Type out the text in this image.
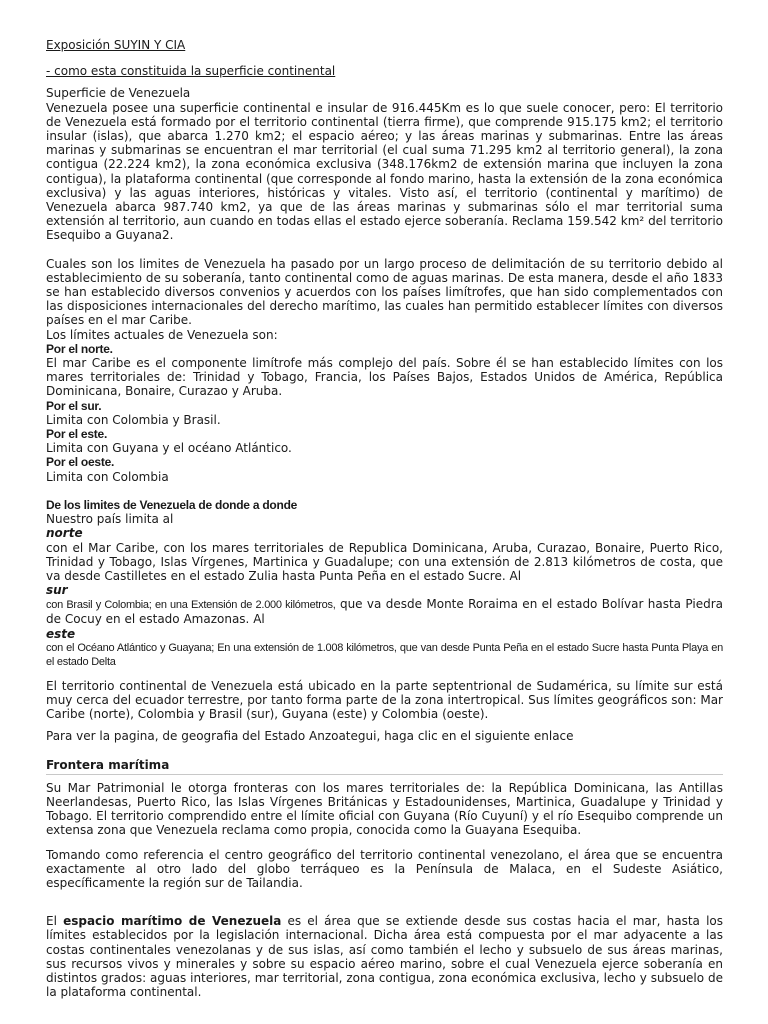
Exposición SUYIN Y CIA

- como esta constituida la superficie continental

Superficie de Venezuela

Venezuela posee una superficie continental e insular de 916.445Km es lo que suele conocer, pero: El territorio de Venezuela está formado por el territorio continental (tierra firme), que comprende 915.175 km2; el territorio insular (islas), que abarca 1.270 km2; el espacio aéreo; y las áreas marinas y submarinas. Entre las áreas marinas y submarinas se encuentran el mar territorial (el cual suma 71.295 km2 al territorio general), la zona contigua (22.224 km2), la zona económica exclusiva (348.176km2 de extensión marina que incluyen la zona contigua), la plataforma continental (que corresponde al fondo marino, hasta la extensión de la zona económica exclusiva) y las aguas interiores, históricas y vitales. Visto así, el territorio (continental y marítimo) de Venezuela abarca 987.740 km2, ya que de las áreas marinas y submarinas sólo el mar territorial suma extensión al territorio, aun cuando en todas ellas el estado ejerce soberanía. Reclama 159.542 km² del territorio Esequibo a Guyana2.

Cuales son los limites de Venezuela ha pasado por un largo proceso de delimitación de su territorio debido al establecimiento de su soberanía, tanto continental como de aguas marinas. De esta manera, desde el año 1833 se han establecido diversos convenios y acuerdos con los países limítrofes, que han sido complementados con las disposiciones internacionales del derecho marítimo, las cuales han permitido establecer límites con diversos países en el mar Caribe.

Los límites actuales de Venezuela son:

Por el norte.

El mar Caribe es el componente limítrofe más complejo del país. Sobre él se han establecido límites con los mares territoriales de: Trinidad y Tobago, Francia, los Países Bajos, Estados Unidos de América, República Dominicana, Bonaire, Curazao y Aruba.

Por el sur.

Limita con Colombia y Brasil.

Por el este.

Limita con Guyana y el océano Atlántico.

Por el oeste.

Limita con Colombia

De los limites de Venezuela de donde a donde

Nuestro país limita al

norte

con el Mar Caribe, con los mares territoriales de Republica Dominicana, Aruba, Curazao, Bonaire, Puerto Rico, Trinidad y Tobago, Islas Vírgenes, Martinica y Guadalupe; con una extensión de 2.813 kilómetros de costa, que va desde Castilletes en el estado Zulia hasta Punta Peña en el estado Sucre. Al

sur

con Brasil y Colombia; en una Extensión de 2.000 kilómetros, que va desde Monte Roraima en el estado Bolívar hasta Piedra de Cocuy en el estado Amazonas. Al

este

con el Océano Atlántico y Guayana; En una extensión de 1.008 kilómetros, que van desde Punta Peña en el estado Sucre hasta Punta Playa en el estado Delta

El territorio continental de Venezuela está ubicado en la parte septentrional de Sudamérica, su límite sur está muy cerca del ecuador terrestre, por tanto forma parte de la zona intertropical. Sus límites geográficos son: Mar Caribe (norte), Colombia y Brasil (sur), Guyana (este) y Colombia (oeste).

Para ver la pagina, de geografia del Estado Anzoategui, haga clic en el siguiente enlace

Frontera marítima

Su Mar Patrimonial le otorga fronteras con los mares territoriales de: la República Dominicana, las Antillas Neerlandesas, Puerto Rico, las Islas Vírgenes Británicas y Estadounidenses, Martinica, Guadalupe y Trinidad y Tobago. El territorio comprendido entre el límite oficial con Guyana (Río Cuyuní) y el río Esequibo comprende un extensa zona que Venezuela reclama como propia, conocida como la Guayana Esequiba.

Tomando como referencia el centro geográfico del territorio continental venezolano, el área que se encuentra exactamente al otro lado del globo terráqueo es la Península de Malaca, en el Sudeste Asiático, específicamente la región sur de Tailandia.

El espacio marítimo de Venezuela es el área que se extiende desde sus costas hacia el mar, hasta los límites establecidos por la legislación internacional. Dicha área está compuesta por el mar adyacente a las costas continentales venezolanas y de sus islas, así como también el lecho y subsuelo de sus áreas marinas, sus recursos vivos y minerales y sobre su espacio aéreo marino, sobre el cual Venezuela ejerce soberanía en distintos grados: aguas interiores, mar territorial, zona contigua, zona económica exclusiva, lecho y subsuelo de la plataforma continental.
